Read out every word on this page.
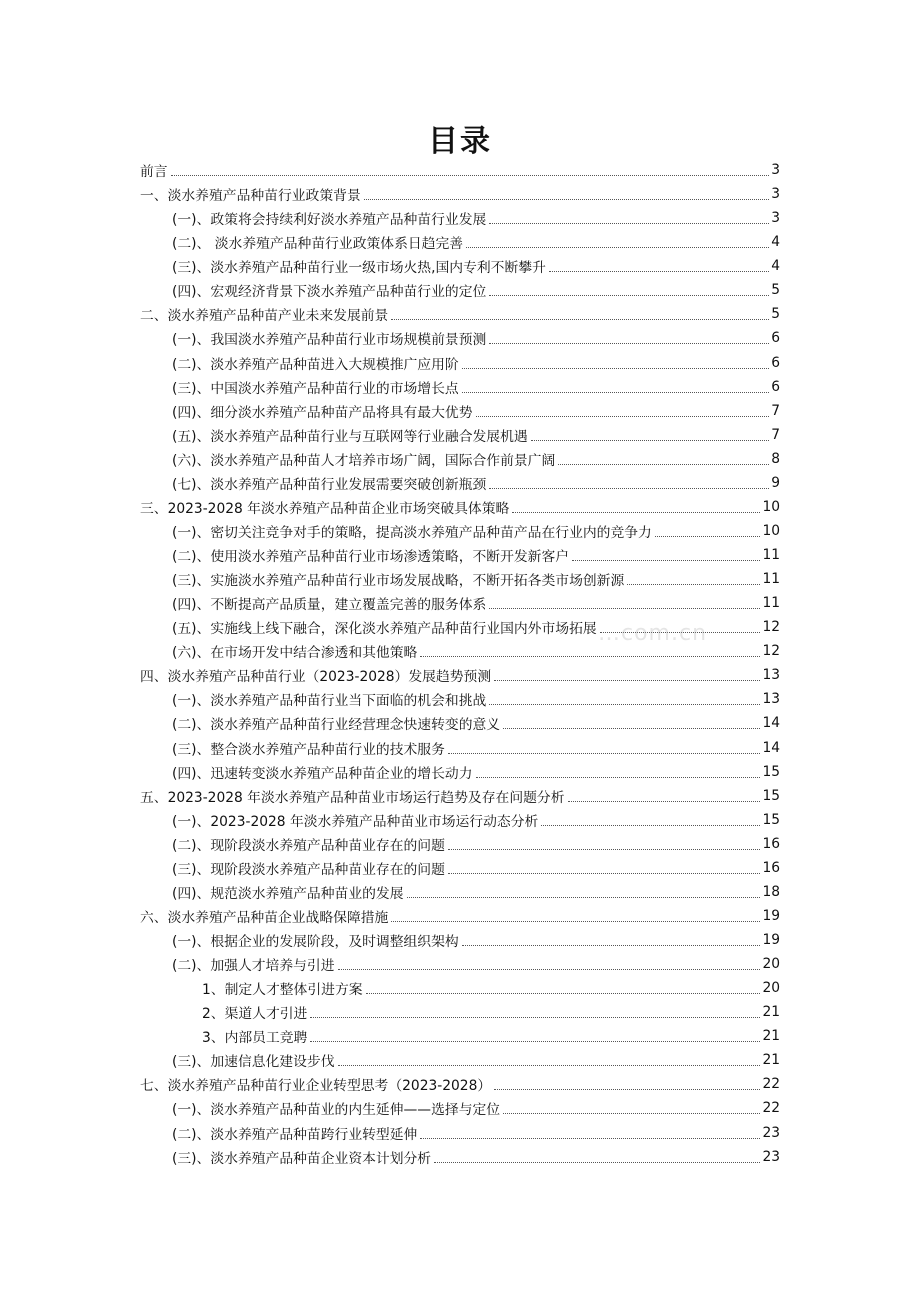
目录
前言	3
一、淡水养殖产品种苗行业政策背景	3
(一)、政策将会持续利好淡水养殖产品种苗行业发展	3
(二)、 淡水养殖产品种苗行业政策体系日趋完善	4
(三)、淡水养殖产品种苗行业一级市场火热,国内专利不断攀升	4
(四)、宏观经济背景下淡水养殖产品种苗行业的定位	5
二、淡水养殖产品种苗产业未来发展前景	5
(一)、我国淡水养殖产品种苗行业市场规模前景预测	6
(二)、淡水养殖产品种苗进入大规模推广应用阶	6
(三)、中国淡水养殖产品种苗行业的市场增长点	6
(四)、细分淡水养殖产品种苗产品将具有最大优势	7
(五)、淡水养殖产品种苗行业与互联网等行业融合发展机遇	7
(六)、淡水养殖产品种苗人才培养市场广阔，国际合作前景广阔	8
(七)、淡水养殖产品种苗行业发展需要突破创新瓶颈	9
三、2023-2028 年淡水养殖产品种苗企业市场突破具体策略	10
(一)、密切关注竞争对手的策略，提高淡水养殖产品种苗产品在行业内的竞争力	10
(二)、使用淡水养殖产品种苗行业市场渗透策略，不断开发新客户	11
(三)、实施淡水养殖产品种苗行业市场发展战略，不断开拓各类市场创新源	11
(四)、不断提高产品质量，建立覆盖完善的服务体系	11
(五)、实施线上线下融合，深化淡水养殖产品种苗行业国内外市场拓展	12
(六)、在市场开发中结合渗透和其他策略	12
四、淡水养殖产品种苗行业（2023-2028）发展趋势预测	13
(一)、淡水养殖产品种苗行业当下面临的机会和挑战	13
(二)、淡水养殖产品种苗行业经营理念快速转变的意义	14
(三)、整合淡水养殖产品种苗行业的技术服务	14
(四)、迅速转变淡水养殖产品种苗企业的增长动力	15
五、2023-2028 年淡水养殖产品种苗业市场运行趋势及存在问题分析	15
(一)、2023-2028 年淡水养殖产品种苗业市场运行动态分析	15
(二)、现阶段淡水养殖产品种苗业存在的问题	16
(三)、现阶段淡水养殖产品种苗业存在的问题	16
(四)、规范淡水养殖产品种苗业的发展	18
六、淡水养殖产品种苗企业战略保障措施	19
(一)、根据企业的发展阶段，及时调整组织架构	19
(二)、加强人才培养与引进	20
1、制定人才整体引进方案	20
2、渠道人才引进	21
3、内部员工竞聘	21
(三)、加速信息化建设步伐	21
七、淡水养殖产品种苗行业企业转型思考（2023-2028）	22
(一)、淡水养殖产品种苗业的内生延伸——选择与定位	22
(二)、淡水养殖产品种苗跨行业转型延伸	23
(三)、淡水养殖产品种苗企业资本计划分析	23
…com.cn
